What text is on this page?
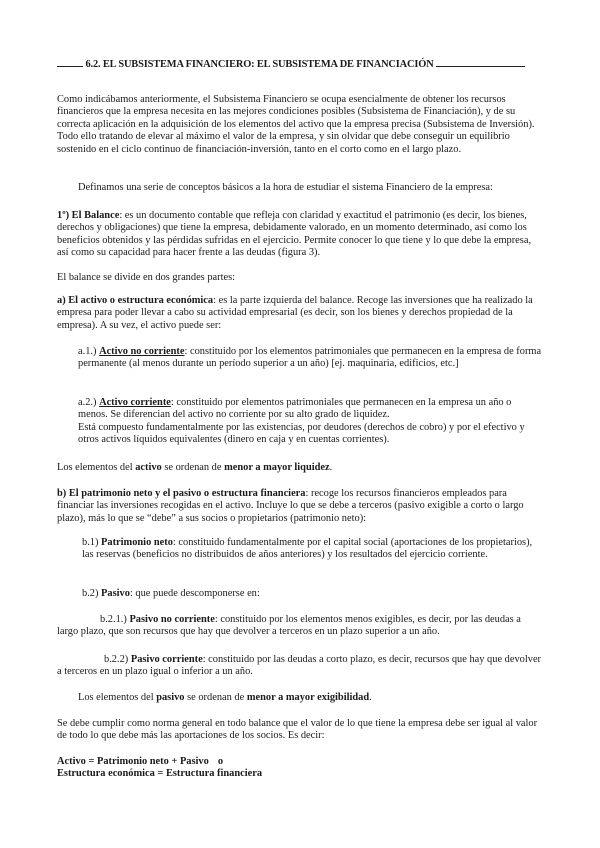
6.2. EL SUBSISTEMA FINANCIERO: EL SUBSISTEMA DE FINANCIACIÓN

Como indicábamos anteriormente, el Subsistema Financiero se ocupa esencialmente de obtener los recursos financieros que la empresa necesita en las mejores condiciones posibles (Subsistema de Financiación), y de su correcta aplicación en la adquisición de los elementos del activo que la empresa precisa (Subsistema de Inversión). Todo ello tratando de elevar al máximo el valor de la empresa, y sin olvidar que debe conseguir un equilibrio sostenido en el ciclo continuo de financiación-inversión, tanto en el corto como en el largo plazo.

Definamos una serie de conceptos básicos a la hora de estudiar el sistema Financiero de la empresa:

1º) El Balance: es un documento contable que refleja con claridad y exactitud el patrimonio (es decir, los bienes, derechos y obligaciones) que tiene la empresa, debidamente valorado, en un momento determinado, así como los beneficios obtenidos y las pérdidas sufridas en el ejercicio. Permite conocer lo que tiene y lo que debe la empresa, así como su capacidad para hacer frente a las deudas (figura 3).

El balance se divide en dos grandes partes:

a) El activo o estructura económica: es la parte izquierda del balance. Recoge las inversiones que ha realizado la empresa para poder llevar a cabo su actividad empresarial (es decir, son los bienes y derechos propiedad de la empresa). A su vez, el activo puede ser:

a.1.) Activo no corriente: constituido por los elementos patrimoniales que permanecen en la empresa de forma permanente (al menos durante un período superior a un año) [ej. maquinaria, edificios, etc.]

a.2.) Activo corriente: constituido por elementos patrimoniales que permanecen en la empresa un año o menos. Se diferencian del activo no corriente por su alto grado de liquidez.
Está compuesto fundamentalmente por las existencias, por deudores (derechos de cobro) y por el efectivo y otros activos líquidos equivalentes (dinero en caja y en cuentas corrientes).

Los elementos del activo se ordenan de menor a mayor liquidez.

b) El patrimonio neto y el pasivo o estructura financiera: recoge los recursos financieros empleados para financiar las inversiones recogidas en el activo. Incluye lo que se debe a terceros (pasivo exigible a corto o largo plazo), más lo que se “debe” a sus socios o propietarios (patrimonio neto):

b.1) Patrimonio neto: constituido fundamentalmente por el capital social (aportaciones de los propietarios), las reservas (beneficios no distribuidos de años anteriores) y los resultados del ejercicio corriente.

b.2) Pasivo: que puede descomponerse en:

b.2.1.) Pasivo no corriente: constituido por los elementos menos exigibles, es decir, por las deudas a largo plazo, que son recursos que hay que devolver a terceros en un plazo superior a un año.

b.2.2) Pasivo corriente: constituido por las deudas a corto plazo, es decir, recursos que hay que devolver a terceros en un plazo igual o inferior a un año.

Los elementos del pasivo se ordenan de menor a mayor exigibilidad.

Se debe cumplir como norma general en todo balance que el valor de lo que tiene la empresa debe ser igual al valor de todo lo que debe más las aportaciones de los socios. Es decir:

Activo = Patrimonio neto + Pasivo o
Estructura económica = Estructura financiera
